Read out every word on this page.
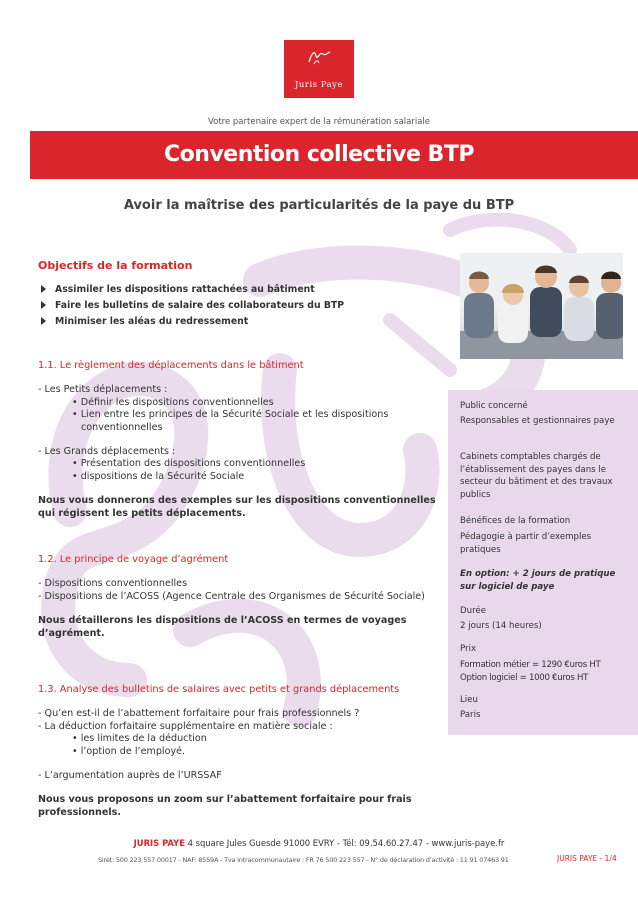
Juris Paye
Votre partenaire expert de la rémunération salariale
Convention collective BTP
Avoir la maîtrise des particularités de la paye du BTP
Objectifs de la formation
Assimiler les dispositions rattachées au bâtiment
Faire les bulletins de salaire des collaborateurs du BTP
Minimiser les aléas du redressement
1.1. Le règlement des déplacements dans le bâtiment
- Les Petits déplacements :
• Définir les dispositions conventionnelles
• Lien entre les principes de la Sécurité Sociale et les dispositions conventionnelles
- Les Grands déplacements :
• Présentation des dispositions conventionnelles
• dispositions de la Sécurité Sociale
Nous vous donnerons des exemples sur les dispositions conventionnelles qui régissent les petits déplacements.
1.2. Le principe de voyage d’agrément
- Dispositions conventionnelles
- Dispositions de l’ACOSS (Agence Centrale des Organismes de Sécurité Sociale)
Nous détaillerons les dispositions de l’ACOSS en termes de voyages d’agrément.
1.3. Analyse des bulletins de salaires avec petits et grands déplacements
- Qu’en est-il de l’abattement forfaitaire pour frais professionnels ?
- La déduction forfaitaire supplémentaire en matière sociale :
• les limites de la déduction
• l’option de l’employé.
- L’argumentation auprès de l’URSSAF
Nous vous proposons un zoom sur l’abattement forfaitaire pour frais professionnels.
Public concerné
Responsables et gestionnaires paye
Cabinets comptables chargés de l’établissement des payes dans le secteur du bâtiment et des travaux publics
Bénéfices de la formation
Pédagogie à partir d’exemples pratiques
En option: + 2 jours de pratique sur logiciel de paye
Durée
2 jours (14 heures)
Prix
Formation métier = 1290 €uros HT
Option logiciel = 1000 €uros HT
Lieu
Paris
JURIS PAYE 4 square Jules Guesde 91000 EVRY - Tél: 09.54.60.27.47 - www.juris-paye.fr
Siret: 500 223 557 00017 - NAF: 8559A - Tva intracommunautaire : FR 76 500 223 557 - N° de déclaration d’activité : 11 91 07463 91	JURIS PAYE - 1/4
